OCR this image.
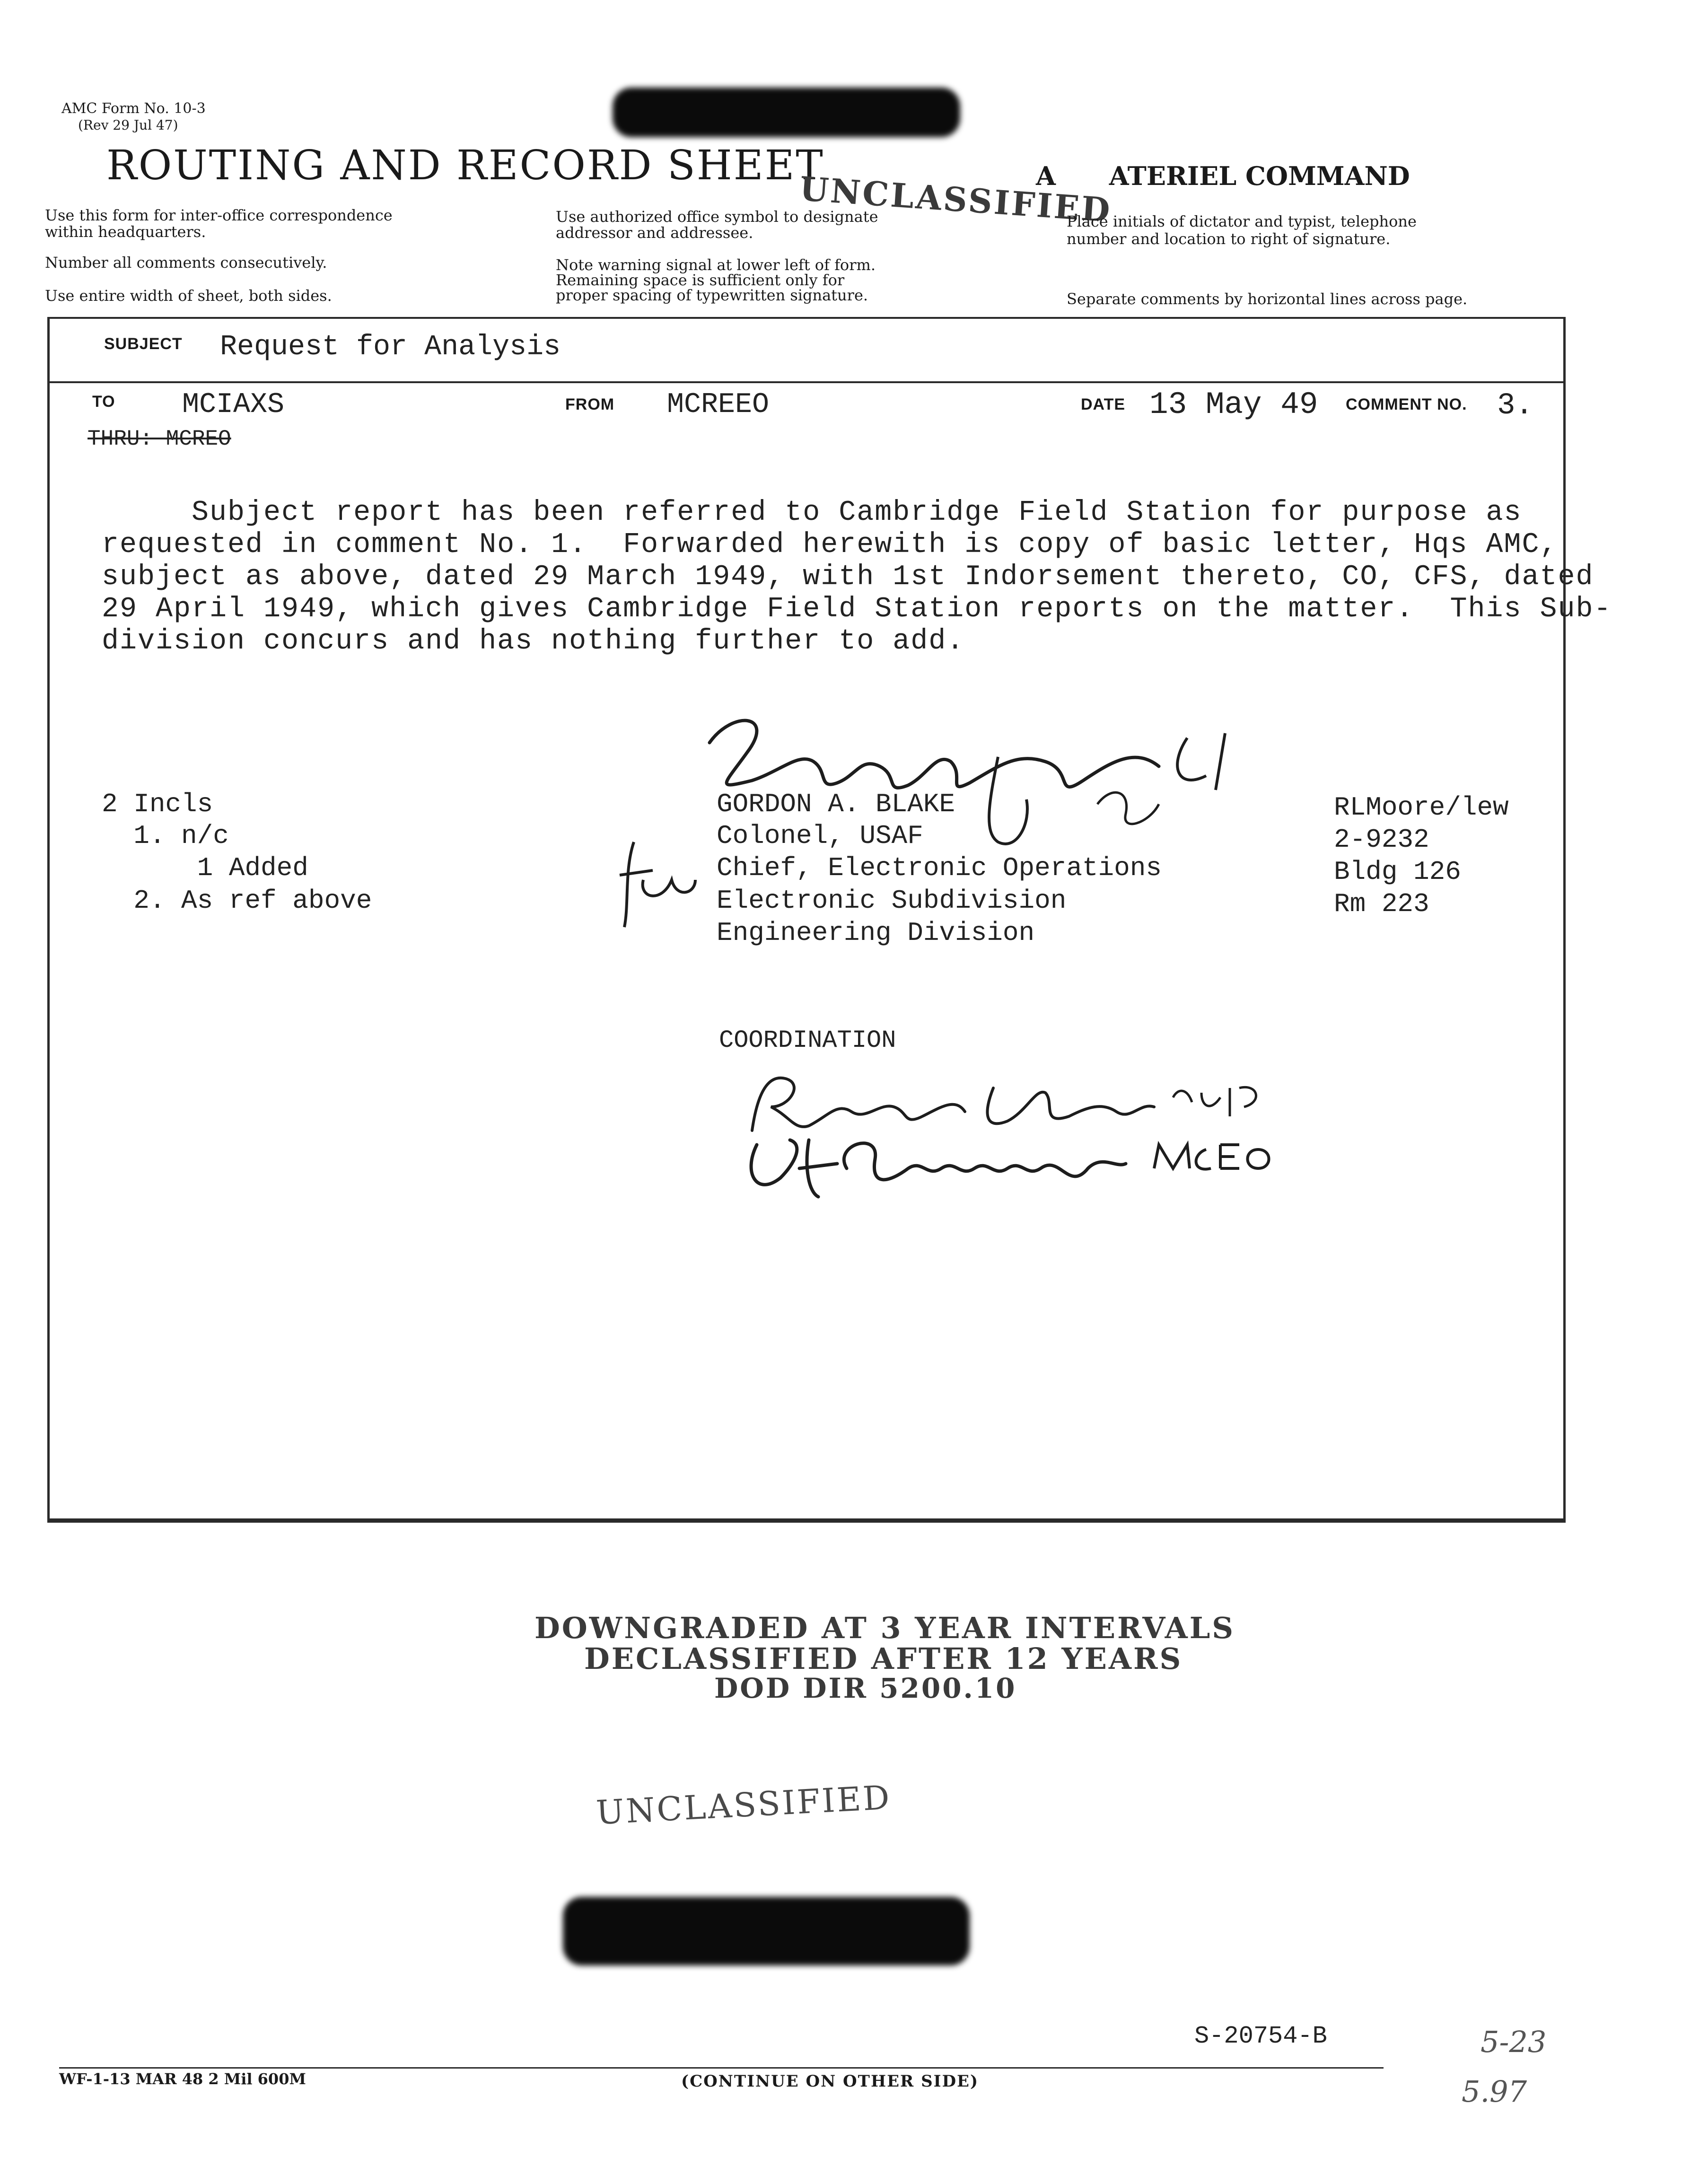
AMC Form No. 10-3
(Rev 29 Jul 47)
ROUTING AND RECORD SHEET
UNCLASSIFIED
A      ATERIEL COMMAND
Use this form for inter-office correspondence
within headquarters.
Number all comments consecutively.
Use entire width of sheet, both sides.
Use authorized office symbol to designate
addressor and addressee.
Note warning signal at lower left of form.
Remaining space is sufficient only for
proper spacing of typewritten signature.
Place initials of dictator and typist, telephone
number and location to right of signature.
Separate comments by horizontal lines across page.
SUBJECT Request for Analysis
TO MCIAXS
THRU: MCREO
FROM MCREEO	DATE 13 May 49 COMMENT NO. 3.
Subject report has been referred to Cambridge Field Station for purpose as
requested in comment No. 1.  Forwarded herewith is copy of basic letter, Hqs AMC,
subject as above, dated 29 March 1949, with 1st Indorsement thereto, CO, CFS, dated
29 April 1949, which gives Cambridge Field Station reports on the matter.  This Sub-
division concurs and has nothing further to add.
2 Incls
1. n/c
1 Added
2. As ref above
GORDON A. BLAKE
Colonel, USAF
Chief, Electronic Operations
Electronic Subdivision
Engineering Division
RLMoore/lew
2-9232
Bldg 126
Rm 223
COORDINATION
DOWNGRADED AT 3 YEAR INTERVALS
DECLASSIFIED AFTER 12 YEARS
DOD DIR 5200.10
UNCLASSIFIED
S-20754-B	5-23
5.97
WF-1-13 MAR 48 2 Mil 600M	(CONTINUE ON OTHER SIDE)
